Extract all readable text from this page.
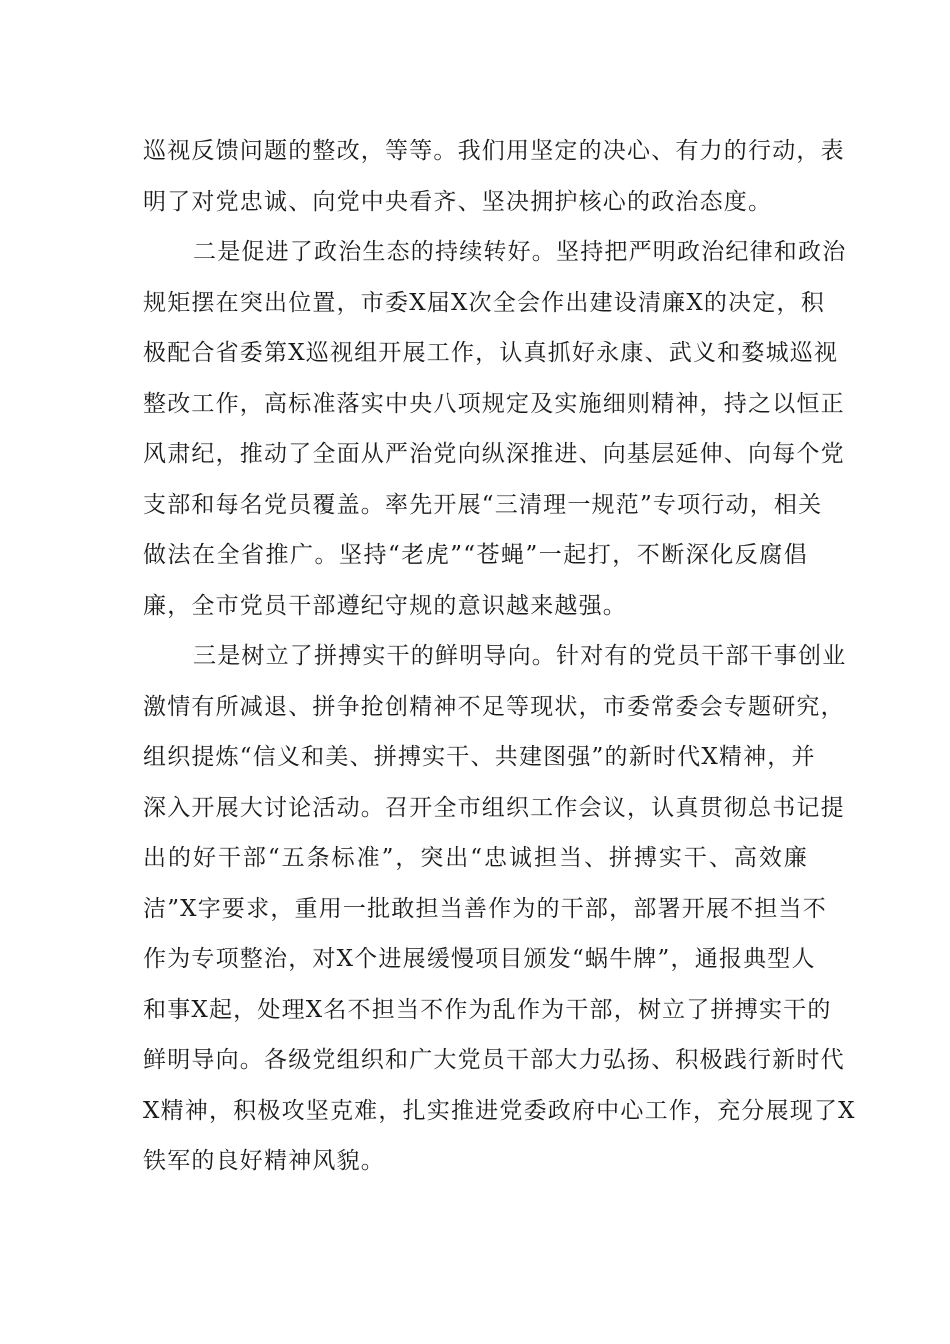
巡视反馈问题的整改，等等。我们用坚定的决心、有力的行动，表
明了对党忠诚、向党中央看齐、坚决拥护核心的政治态度。
二是促进了政治生态的持续转好。坚持把严明政治纪律和政治
规矩摆在突出位置，市委X届X次全会作出建设清廉X的决定，积
极配合省委第X巡视组开展工作，认真抓好永康、武义和婺城巡视
整改工作，高标准落实中央八项规定及实施细则精神，持之以恒正
风肃纪，推动了全面从严治党向纵深推进、向基层延伸、向每个党
支部和每名党员覆盖。率先开展“三清理一规范”专项行动，相关
做法在全省推广。坚持“老虎”“苍蝇”一起打，不断深化反腐倡
廉，全市党员干部遵纪守规的意识越来越强。
三是树立了拼搏实干的鲜明导向。针对有的党员干部干事创业
激情有所减退、拼争抢创精神不足等现状，市委常委会专题研究，
组织提炼“信义和美、拼搏实干、共建图强”的新时代X精神，并
深入开展大讨论活动。召开全市组织工作会议，认真贯彻总书记提
出的好干部“五条标准”，突出“忠诚担当、拼搏实干、高效廉
洁”X字要求，重用一批敢担当善作为的干部，部署开展不担当不
作为专项整治，对X个进展缓慢项目颁发“蜗牛牌”，通报典型人
和事X起，处理X名不担当不作为乱作为干部，树立了拼搏实干的
鲜明导向。各级党组织和广大党员干部大力弘扬、积极践行新时代
X精神，积极攻坚克难，扎实推进党委政府中心工作，充分展现了X
铁军的良好精神风貌。
